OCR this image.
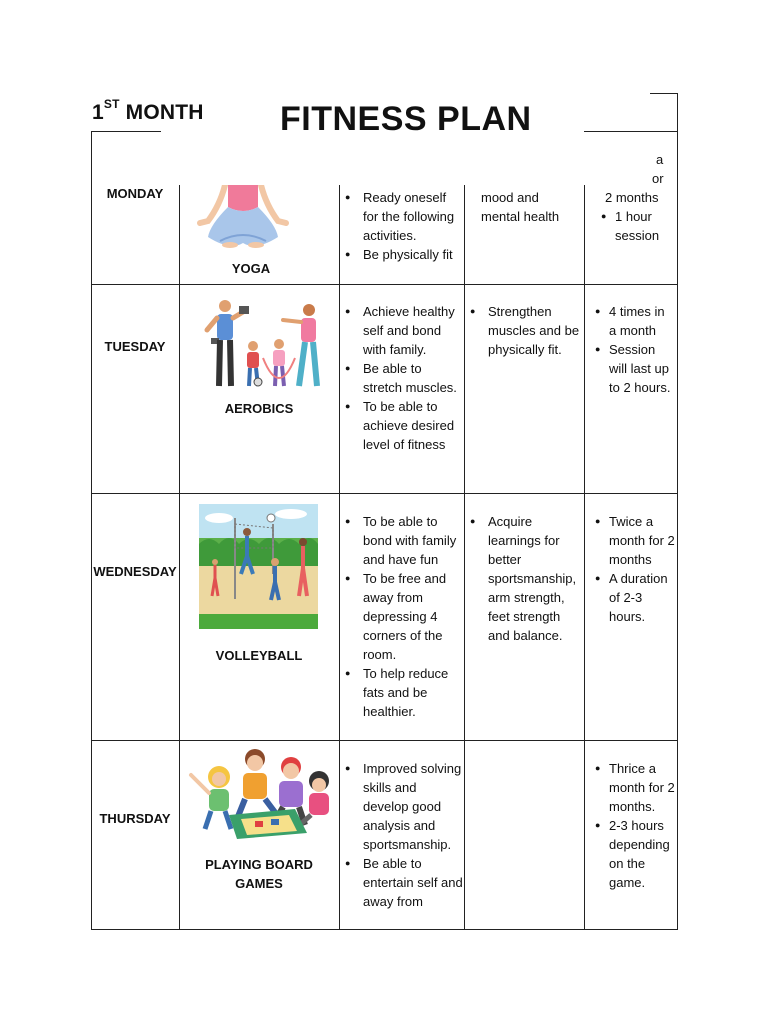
1ST MONTH FITNESS PLAN
MONDAY
YOGA
● Ready oneself for the following activities.
● Be physically fit
mood and mental health
a
or
2 months
● 1 hour session
TUESDAY
AEROBICS
● Achieve healthy self and bond with family.
● Be able to stretch muscles.
● To be able to achieve desired level of fitness
● Strengthen muscles and be physically fit.
● 4 times in a month
● Session will last up to 2 hours.
WEDNESDAY
VOLLEYBALL
● To be able to bond with family and have fun
● To be free and away from depressing 4 corners of the room.
● To help reduce fats and be healthier.
● Acquire learnings for better sportsmanship, arm strength, feet strength and balance.
● Twice a month for 2 months
● A duration of 2-3 hours.
THURSDAY
PLAYING BOARD
GAMES
● Improved solving skills and develop good analysis and sportsmanship.
● Be able to entertain self and away from
● Thrice a month for 2 months.
● 2-3 hours depending on the game.
